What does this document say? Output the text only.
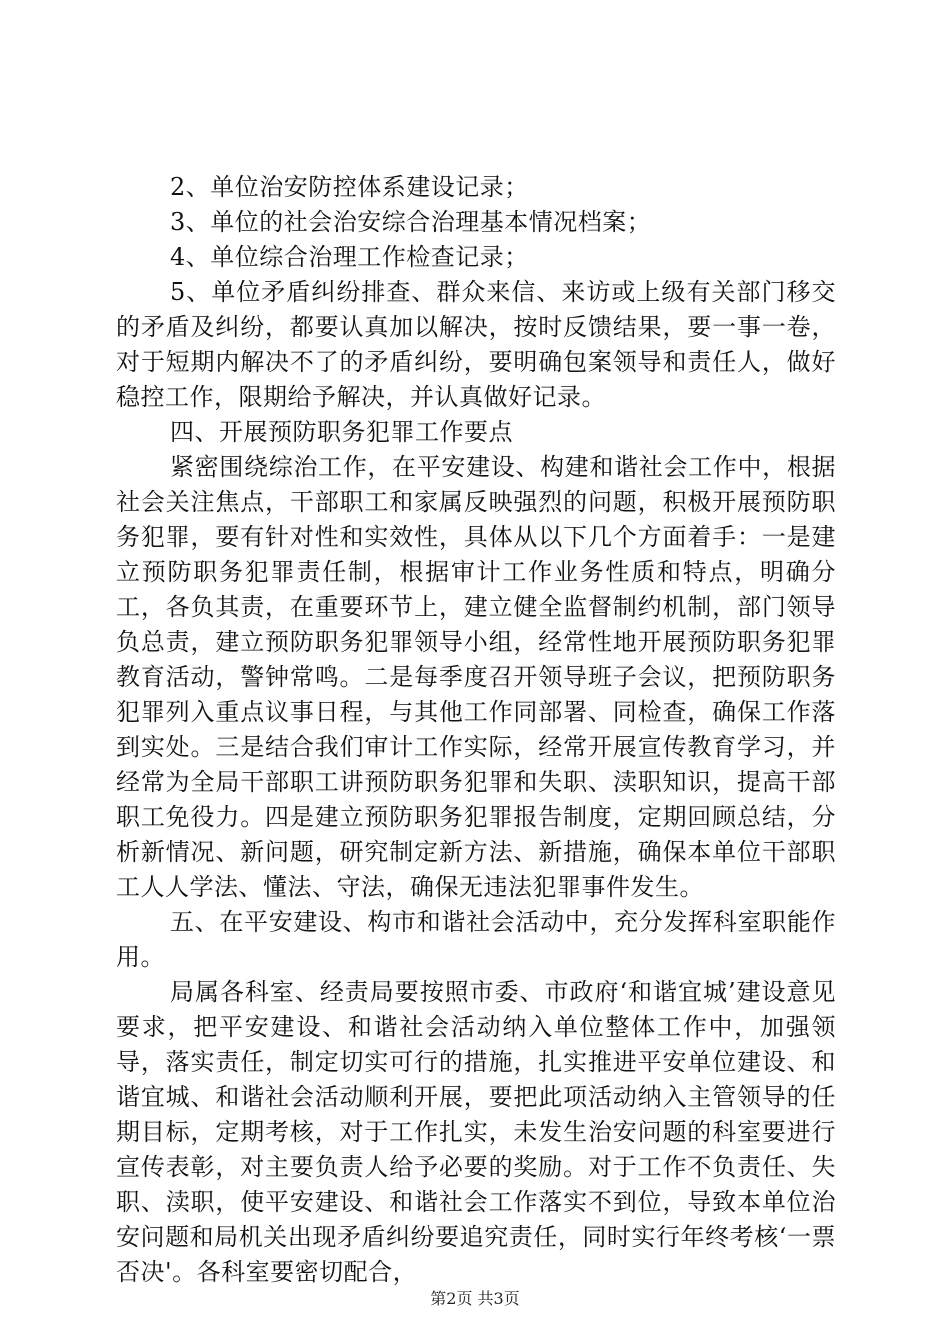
2、单位治安防控体系建设记录；

3、单位的社会治安综合治理基本情况档案；

4、单位综合治理工作检查记录；

5、单位矛盾纠纷排查、群众来信、来访或上级有关部门移交的矛盾及纠纷，都要认真加以解决，按时反馈结果，要一事一卷，对于短期内解决不了的矛盾纠纷，要明确包案领导和责任人，做好稳控工作，限期给予解决，并认真做好记录。

四、开展预防职务犯罪工作要点

紧密围绕综治工作，在平安建设、构建和谐社会工作中，根据社会关注焦点，干部职工和家属反映强烈的问题，积极开展预防职务犯罪，要有针对性和实效性，具体从以下几个方面着手：一是建立预防职务犯罪责任制，根据审计工作业务性质和特点，明确分工，各负其责，在重要环节上，建立健全监督制约机制，部门领导负总责，建立预防职务犯罪领导小组，经常性地开展预防职务犯罪教育活动，警钟常鸣。二是每季度召开领导班子会议，把预防职务犯罪列入重点议事日程，与其他工作同部署、同检查，确保工作落到实处。三是结合我们审计工作实际，经常开展宣传教育学习，并经常为全局干部职工讲预防职务犯罪和失职、渎职知识，提高干部职工免役力。四是建立预防职务犯罪报告制度，定期回顾总结，分析新情况、新问题，研究制定新方法、新措施，确保本单位干部职工人人学法、懂法、守法，确保无违法犯罪事件发生。

五、在平安建设、构市和谐社会活动中，充分发挥科室职能作用。

局属各科室、经责局要按照市委、市政府‘和谐宜城’建设意见要求，把平安建设、和谐社会活动纳入单位整体工作中，加强领导，落实责任，制定切实可行的措施，扎实推进平安单位建设、和谐宜城、和谐社会活动顺利开展，要把此项活动纳入主管领导的任期目标，定期考核，对于工作扎实，未发生治安问题的科室要进行宣传表彰，对主要负责人给予必要的奖励。对于工作不负责任、失职、渎职，使平安建设、和谐社会工作落实不到位，导致本单位治安问题和局机关出现矛盾纠纷要追究责任，同时实行年终考核‘一票否决'。各科室要密切配合，

第2页 共3页
